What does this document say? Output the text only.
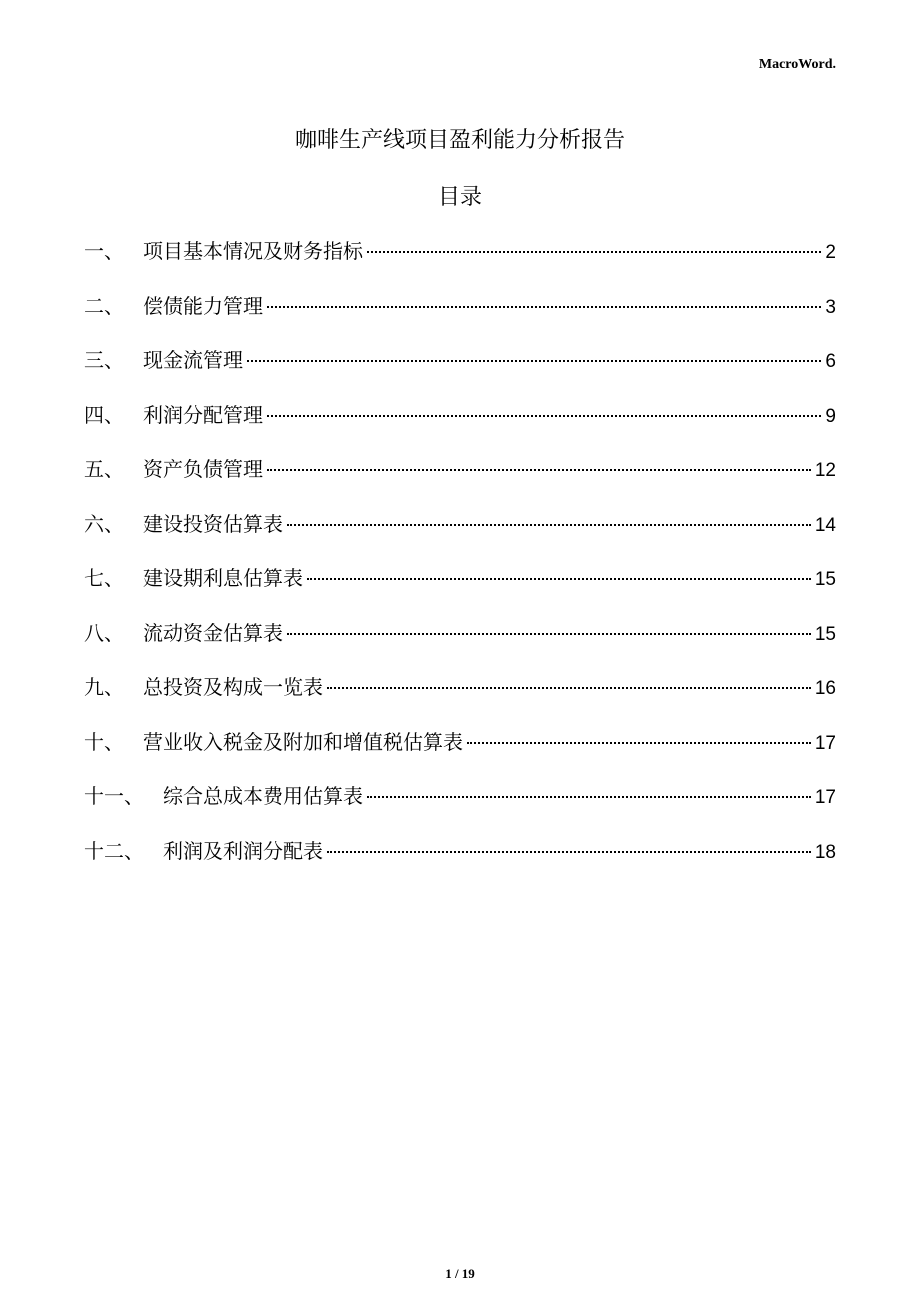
MacroWord.
咖啡生产线项目盈利能力分析报告
目录
一、 项目基本情况及财务指标	2
二、 偿债能力管理	3
三、 现金流管理	6
四、 利润分配管理	9
五、 资产负债管理	12
六、 建设投资估算表	14
七、 建设期利息估算表	15
八、 流动资金估算表	15
九、 总投资及构成一览表	16
十、 营业收入税金及附加和增值税估算表	17
十一、 综合总成本费用估算表	17
十二、 利润及利润分配表	18
1 / 19
